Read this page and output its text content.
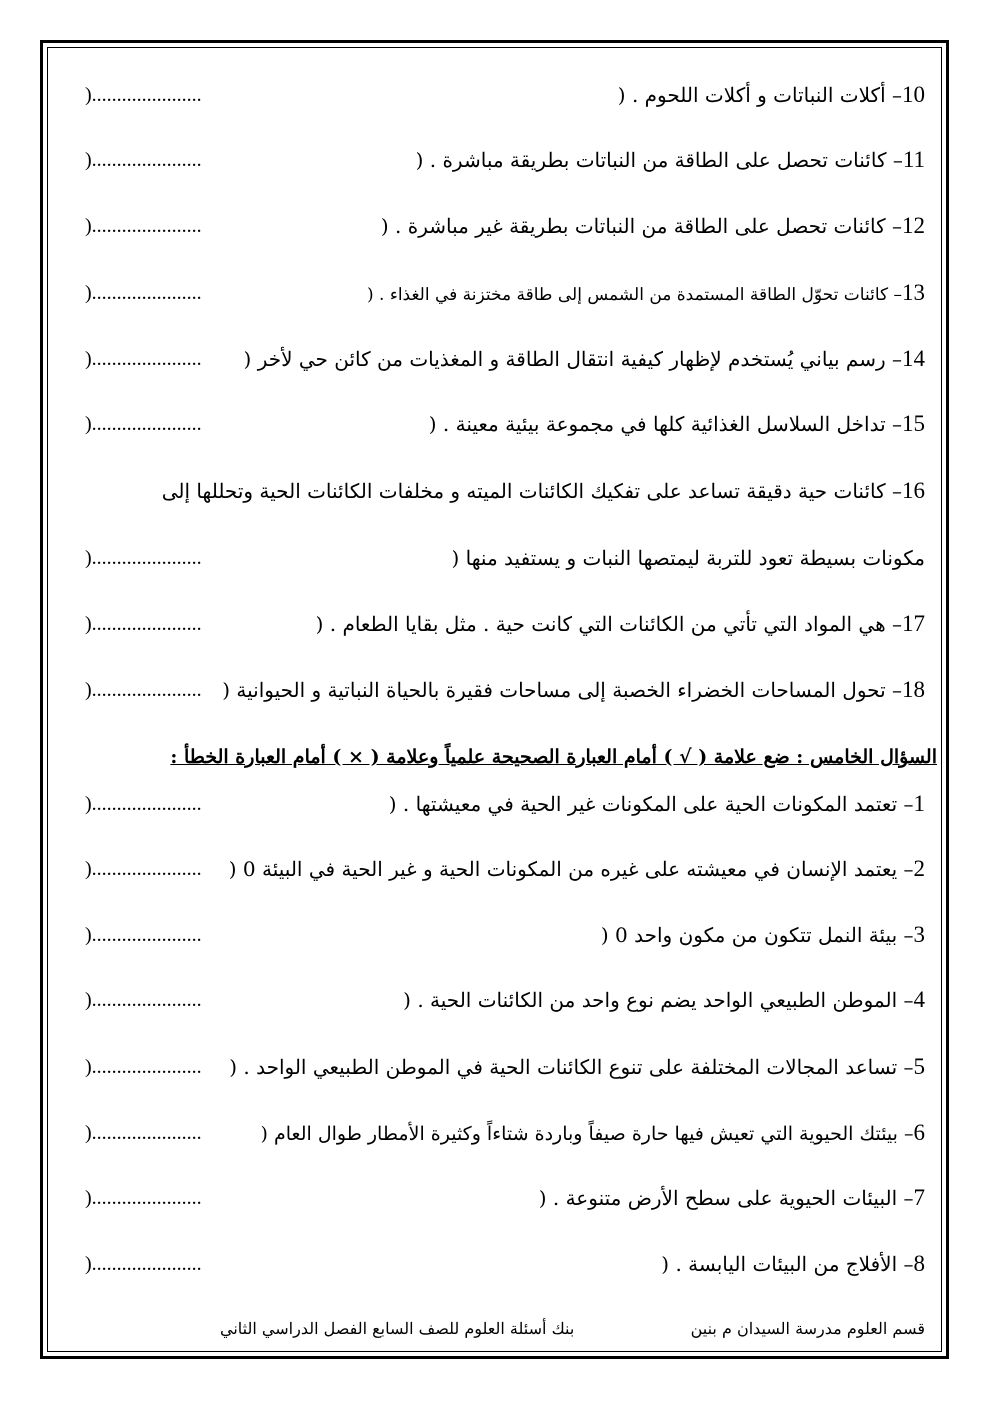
10– أكلات النباتات و أكلات اللحوم . (
)......................
11– كائنات تحصل على الطاقة من النباتات بطريقة مباشرة . (
)......................
12– كائنات تحصل على الطاقة من النباتات بطريقة غير مباشرة . (
)......................
13– كائنات تحوّل الطاقة المستمدة من الشمس إلى طاقة مختزنة في الغذاء . (
)......................
14– رسم بياني يُستخدم لإظهار كيفية انتقال الطاقة و المغذيات من كائن حي لأخر (
)......................
15– تداخل السلاسل الغذائية كلها في مجموعة بيئية معينة . (
)......................
16– كائنات حية دقيقة تساعد على تفكيك الكائنات الميته و مخلفات الكائنات الحية وتحللها إلى
مكونات بسيطة تعود للتربة ليمتصها النبات و يستفيد منها (
)......................
17– هي المواد التي تأتي من الكائنات التي كانت حية . مثل بقايا الطعام . (
)......................
18– تحول المساحات الخضراء الخصبة إلى مساحات فقيرة بالحياة النباتية و الحيوانية (
)......................
السؤال الخامس : ضع علامة ( √ ) أمام العبارة الصحيحة علمياً وعلامة ( × ) أمام العبارة الخطأ :
1– تعتمد المكونات الحية على المكونات غير الحية في معيشتها . (
)......................
2– يعتمد الإنسان في معيشته على غيره من المكونات الحية و غير الحية في البيئة 0 (
)......................
3– بيئة النمل تتكون من مكون واحد 0 (
)......................
4– الموطن الطبيعي الواحد يضم نوع واحد من الكائنات الحية . (
)......................
5– تساعد المجالات المختلفة على تنوع الكائنات الحية في الموطن الطبيعي الواحد . (
)......................
6– بيئتك الحيوية التي تعيش فيها حارة صيفاً وباردة شتاءاً وكثيرة الأمطار طوال العام (
)......................
7– البيئات الحيوية على سطح الأرض متنوعة . (
)......................
8– الأفلاج من البيئات اليابسة . (
)......................
قسم العلوم مدرسة السيدان م بنين
بنك أسئلة العلوم للصف السابع الفصل الدراسي الثاني
